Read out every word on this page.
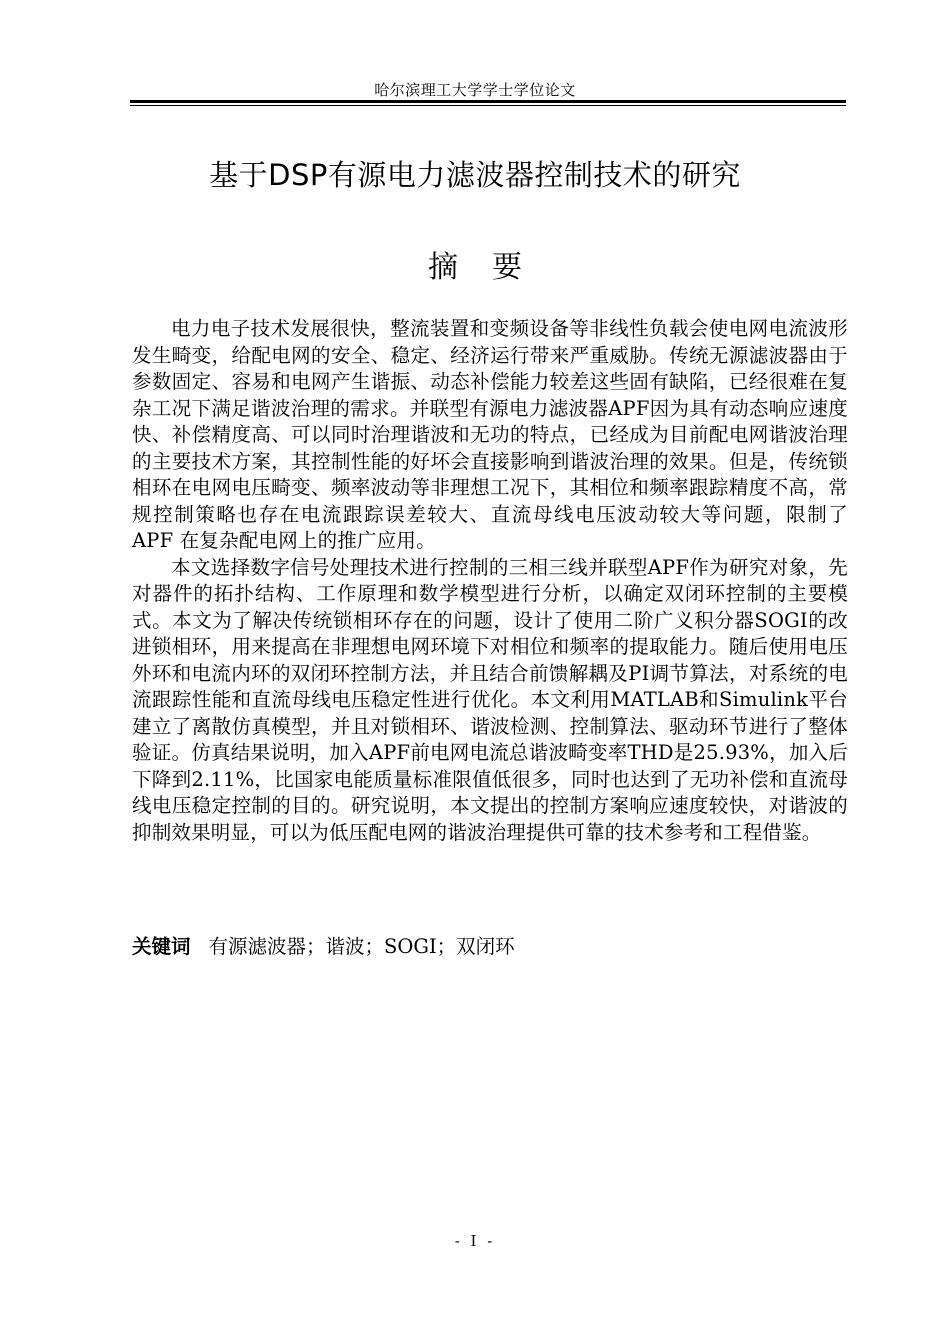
哈尔滨理工大学学士学位论文
基于DSP有源电力滤波器控制技术的研究
摘要

电力电子技术发展很快，整流装置和变频设备等非线性负载会使电网电流波形发生畸变，给配电网的安全、稳定、经济运行带来严重威胁。传统无源滤波器由于参数固定、容易和电网产生谐振、动态补偿能力较差这些固有缺陷，已经很难在复杂工况下满足谐波治理的需求。并联型有源电力滤波器APF因为具有动态响应速度快、补偿精度高、可以同时治理谐波和无功的特点，已经成为目前配电网谐波治理的主要技术方案，其控制性能的好坏会直接影响到谐波治理的效果。但是，传统锁相环在电网电压畸变、频率波动等非理想工况下，其相位和频率跟踪精度不高，常规控制策略也存在电流跟踪误差较大、直流母线电压波动较大等问题，限制了 APF 在复杂配电网上的推广应用。

本文选择数字信号处理技术进行控制的三相三线并联型APF作为研究对象，先对器件的拓扑结构、工作原理和数学模型进行分析，以确定双闭环控制的主要模式。本文为了解决传统锁相环存在的问题，设计了使用二阶广义积分器SOGI的改进锁相环，用来提高在非理想电网环境下对相位和频率的提取能力。随后使用电压外环和电流内环的双闭环控制方法，并且结合前馈解耦及PI调节算法，对系统的电流跟踪性能和直流母线电压稳定性进行优化。本文利用MATLAB和Simulink平台建立了离散仿真模型，并且对锁相环、谐波检测、控制算法、驱动环节进行了整体验证。仿真结果说明，加入APF前电网电流总谐波畸变率THD是25.93%，加入后下降到2.11%，比国家电能质量标准限值低很多，同时也达到了无功补偿和直流母线电压稳定控制的目的。研究说明，本文提出的控制方案响应速度较快，对谐波的抑制效果明显，可以为低压配电网的谐波治理提供可靠的技术参考和工程借鉴。

关键词 有源滤波器；谐波；SOGI；双闭环
- I -
